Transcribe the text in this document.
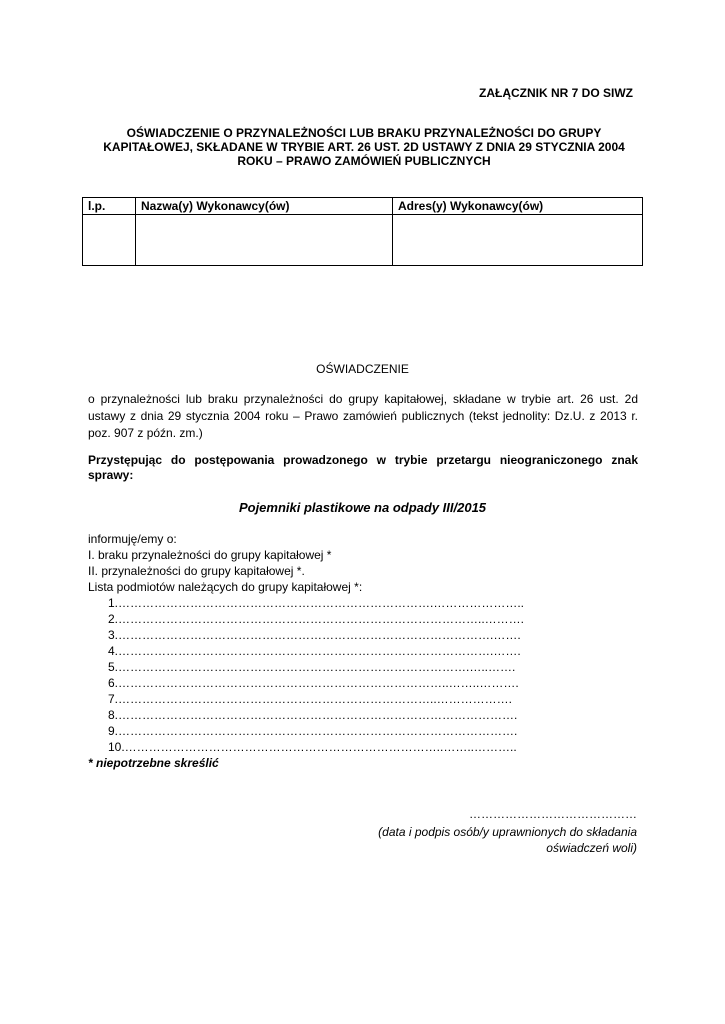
ZAŁĄCZNIK NR 7 DO SIWZ
OŚWIADCZENIE O PRZYNALEŻNOŚCI LUB BRAKU PRZYNALEŻNOŚCI DO GRUPY
KAPITAŁOWEJ, SKŁADANE W TRYBIE ART. 26 UST. 2D USTAWY Z DNIA 29 STYCZNIA 2004
ROKU – PRAWO ZAMÓWIEŃ PUBLICZNYCH
l.p.	Nazwa(y) Wykonawcy(ów)	Adres(y) Wykonawcy(ów)

OŚWIADCZENIE
o przynależności lub braku przynależności do grupy kapitałowej, składane w trybie art. 26 ust. 2d ustawy z dnia 29 stycznia 2004 roku – Prawo zamówień publicznych (tekst jednolity: Dz.U. z 2013 r. poz. 907 z późn. zm.)
Przystępując do postępowania prowadzonego w trybie przetargu nieograniczonego znak sprawy:
Pojemniki plastikowe na odpady III/2015
informuję/emy o:
I. braku przynależności do grupy kapitałowej *
II. przynależności do grupy kapitałowej *.
Lista podmiotów należących do grupy kapitałowej *:
1.…………………………………………………………………….…………………..
2.………………………………………………………………………………..……….
3.………………………………………………………………………………….…….
4.………………………………………………………………………………….…….
5.…………………………………………………………………………….…..…….
6.………………………………………………………………………..……..……….
7.……………………………………………………………………..……………….
8.……………………………………………………………………………………….
9.……………………………………………………………………………………….
10.……………………………………………………………………..……..………..
* niepotrzebne skreślić
……………………………………
(data i podpis osób/y uprawnionych do składania
oświadczeń woli)
